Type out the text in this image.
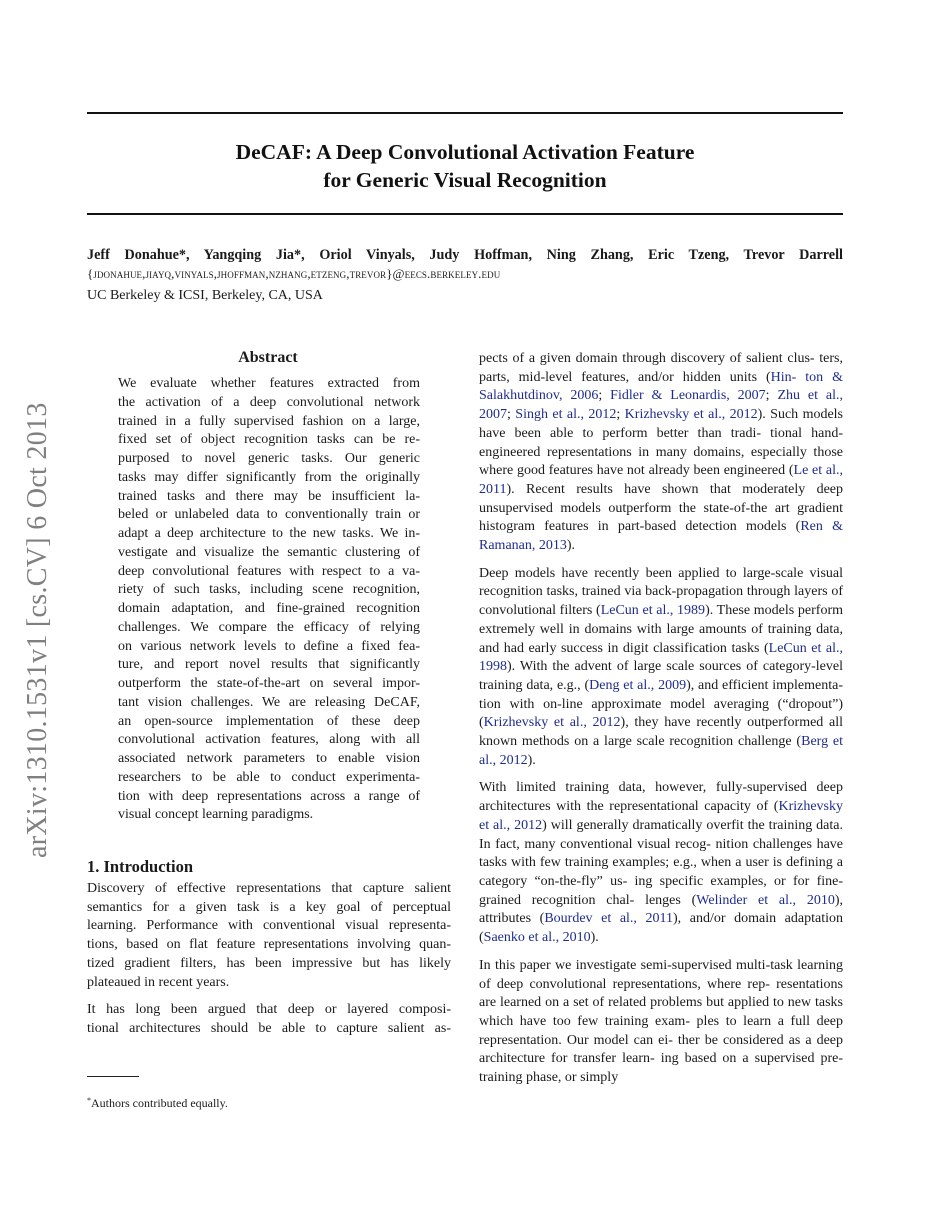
arXiv:1310.1531v1 [cs.CV] 6 Oct 2013
DeCAF: A Deep Convolutional Activation Feature
for Generic Visual Recognition
Jeff Donahue*, Yangqing Jia*, Oriol Vinyals, Judy Hoffman, Ning Zhang, Eric Tzeng, Trevor Darrell
{jdonahue,jiayq,vinyals,jhoffman,nzhang,etzeng,trevor}@eecs.berkeley.edu
UC Berkeley & ICSI, Berkeley, CA, USA
Abstract
We evaluate whether features extracted from
the activation of a deep convolutional network
trained in a fully supervised fashion on a large,
fixed set of object recognition tasks can be re-
purposed to novel generic tasks. Our generic
tasks may differ significantly from the originally
trained tasks and there may be insufficient la-
beled or unlabeled data to conventionally train or
adapt a deep architecture to the new tasks. We in-
vestigate and visualize the semantic clustering of
deep convolutional features with respect to a va-
riety of such tasks, including scene recognition,
domain adaptation, and fine-grained recognition
challenges. We compare the efficacy of relying
on various network levels to define a fixed fea-
ture, and report novel results that significantly
outperform the state-of-the-art on several impor-
tant vision challenges. We are releasing DeCAF,
an open-source implementation of these deep
convolutional activation features, along with all
associated network parameters to enable vision
researchers to be able to conduct experimenta-
tion with deep representations across a range of
visual concept learning paradigms.
1. Introduction

Discovery of effective representations that capture salient
semantics for a given task is a key goal of perceptual
learning. Performance with conventional visual representa-
tions, based on flat feature representations involving quan-
tized gradient filters, has been impressive but has likely
plateaued in recent years.

It has long been argued that deep or layered composi-
tional architectures should be able to capture salient as-

pects of a given domain through discovery of salient clus- ters, parts, mid-level features, and/or hidden units (Hin- ton & Salakhutdinov, 2006; Fidler & Leonardis, 2007; Zhu et al., 2007; Singh et al., 2012; Krizhevsky et al., 2012). Such models have been able to perform better than tradi- tional hand-engineered representations in many domains, especially those where good features have not already been engineered (Le et al., 2011). Recent results have shown that moderately deep unsupervised models outperform the state-of-the art gradient histogram features in part-based detection models (Ren & Ramanan, 2013).

Deep models have recently been applied to large-scale visual recognition tasks, trained via back-propagation through layers of convolutional filters (LeCun et al., 1989). These models perform extremely well in domains with large amounts of training data, and had early success in digit classification tasks (LeCun et al., 1998). With the advent of large scale sources of category-level training data, e.g., (Deng et al., 2009), and efficient implementa- tion with on-line approximate model averaging (“dropout”) (Krizhevsky et al., 2012), they have recently outperformed all known methods on a large scale recognition challenge (Berg et al., 2012).

With limited training data, however, fully-supervised deep architectures with the representational capacity of (Krizhevsky et al., 2012) will generally dramatically overfit the training data. In fact, many conventional visual recog- nition challenges have tasks with few training examples; e.g., when a user is defining a category “on-the-fly” us- ing specific examples, or for fine-grained recognition chal- lenges (Welinder et al., 2010), attributes (Bourdev et al., 2011), and/or domain adaptation (Saenko et al., 2010).

In this paper we investigate semi-supervised multi-task learning of deep convolutional representations, where rep- resentations are learned on a set of related problems but applied to new tasks which have too few training exam- ples to learn a full deep representation. Our model can ei- ther be considered as a deep architecture for transfer learn- ing based on a supervised pre-training phase, or simply

*Authors contributed equally.
